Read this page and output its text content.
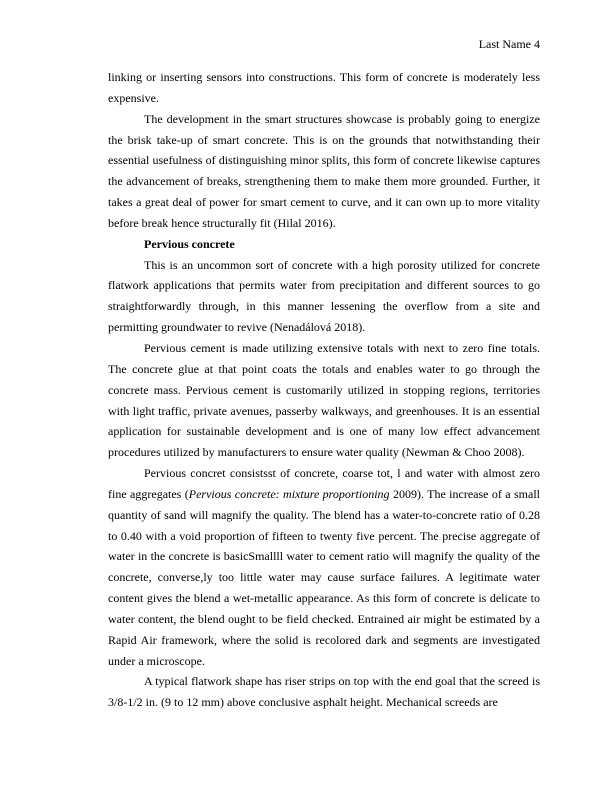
Last Name 4

linking or inserting sensors into constructions. This form of concrete is moderately less expensive.

The development in the smart structures showcase is probably going to energize the brisk take-up of smart concrete. This is on the grounds that notwithstanding their essential usefulness of distinguishing minor splits, this form of concrete likewise captures the advancement of breaks, strengthening them to make them more grounded. Further, it takes a great deal of power for smart cement to curve, and it can own up to more vitality before break hence structurally fit (Hilal 2016).

Pervious concrete

This is an uncommon sort of concrete with a high porosity utilized for concrete flatwork applications that permits water from precipitation and different sources to go straightforwardly through, in this manner lessening the overflow from a site and permitting groundwater to revive (Nenadálová 2018).

Pervious cement is made utilizing extensive totals with next to zero fine totals. The concrete glue at that point coats the totals and enables water to go through the concrete mass. Pervious cement is customarily utilized in stopping regions, territories with light traffic, private avenues, passerby walkways, and greenhouses. It is an essential application for sustainable development and is one of many low effect advancement procedures utilized by manufacturers to ensure water quality (Newman & Choo 2008).

Pervious concret consistsst of concrete, coarse tot, l and water with almost zero fine aggregates (Pervious concrete: mixture proportioning 2009). The increase of a small quantity of sand will magnify the quality. The blend has a water-to-concrete ratio of 0.28 to 0.40 with a void proportion of fifteen to twenty five percent. The precise aggregate of water in the concrete is basicSmallll water to cement ratio will magnify the quality of the concrete, converse,ly too little water may cause surface failures. A legitimate water content gives the blend a wet-metallic appearance. As this form of concrete is delicate to water content, the blend ought to be field checked. Entrained air might be estimated by a Rapid Air framework, where the solid is recolored dark and segments are investigated under a microscope.

A typical flatwork shape has riser strips on top with the end goal that the screed is 3/8-1/2 in. (9 to 12 mm) above conclusive asphalt height. Mechanical screeds are
